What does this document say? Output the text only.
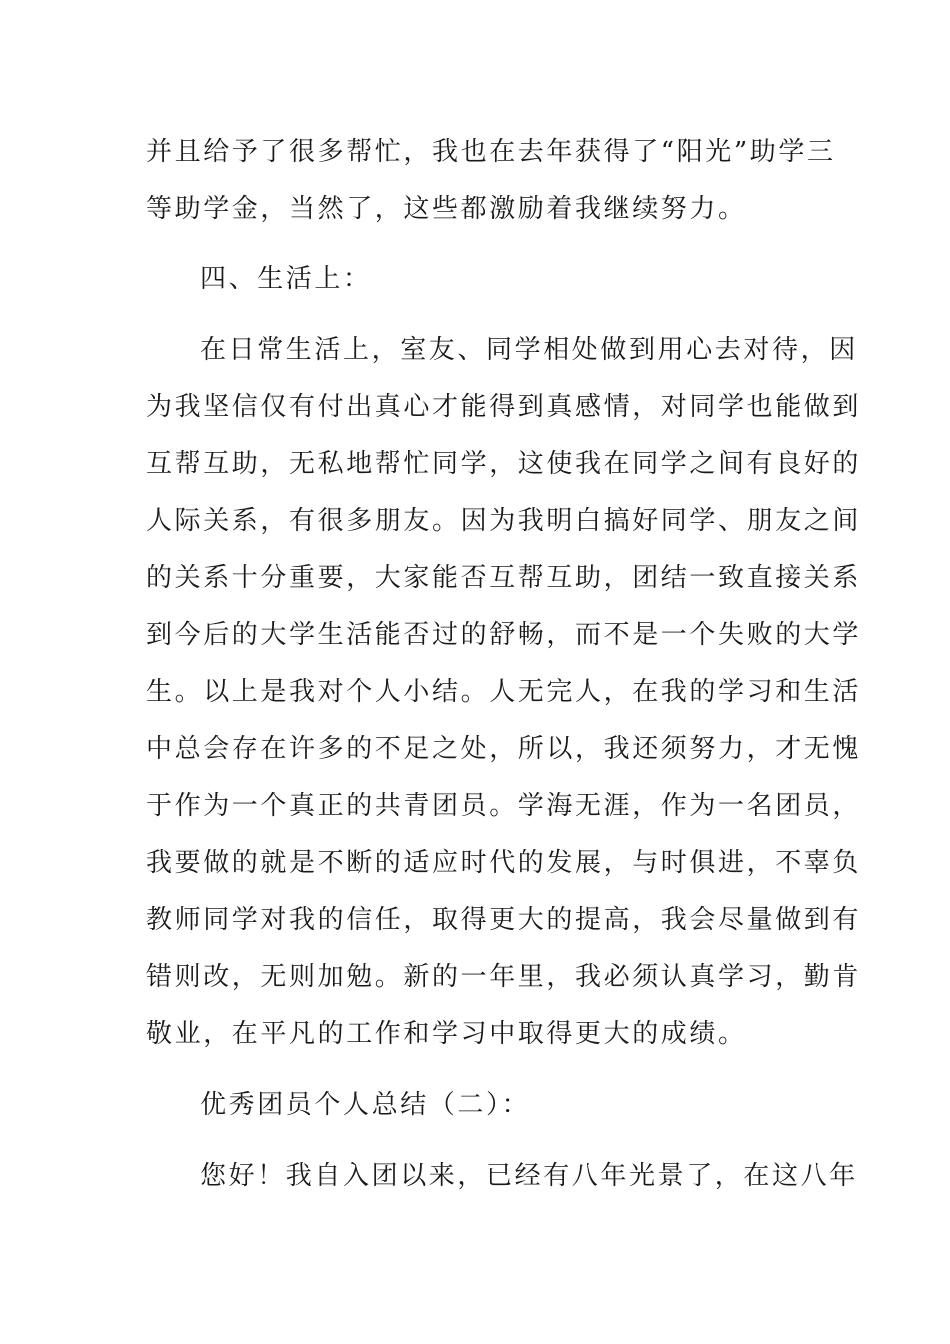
并且给予了很多帮忙，我也在去年获得了“阳光”助学三
等助学金，当然了，这些都激励着我继续努力。
四、生活上：
在日常生活上，室友、同学相处做到用心去对待，因
为我坚信仅有付出真心才能得到真感情，对同学也能做到
互帮互助，无私地帮忙同学，这使我在同学之间有良好的
人际关系，有很多朋友。因为我明白搞好同学、朋友之间
的关系十分重要，大家能否互帮互助，团结一致直接关系
到今后的大学生活能否过的舒畅，而不是一个失败的大学
生。以上是我对个人小结。人无完人，在我的学习和生活
中总会存在许多的不足之处，所以，我还须努力，才无愧
于作为一个真正的共青团员。学海无涯，作为一名团员，
我要做的就是不断的适应时代的发展，与时俱进，不辜负
教师同学对我的信任，取得更大的提高，我会尽量做到有
错则改，无则加勉。新的一年里，我必须认真学习，勤肯
敬业，在平凡的工作和学习中取得更大的成绩。
优秀团员个人总结（二）：
您好！我自入团以来，已经有八年光景了，在这八年
